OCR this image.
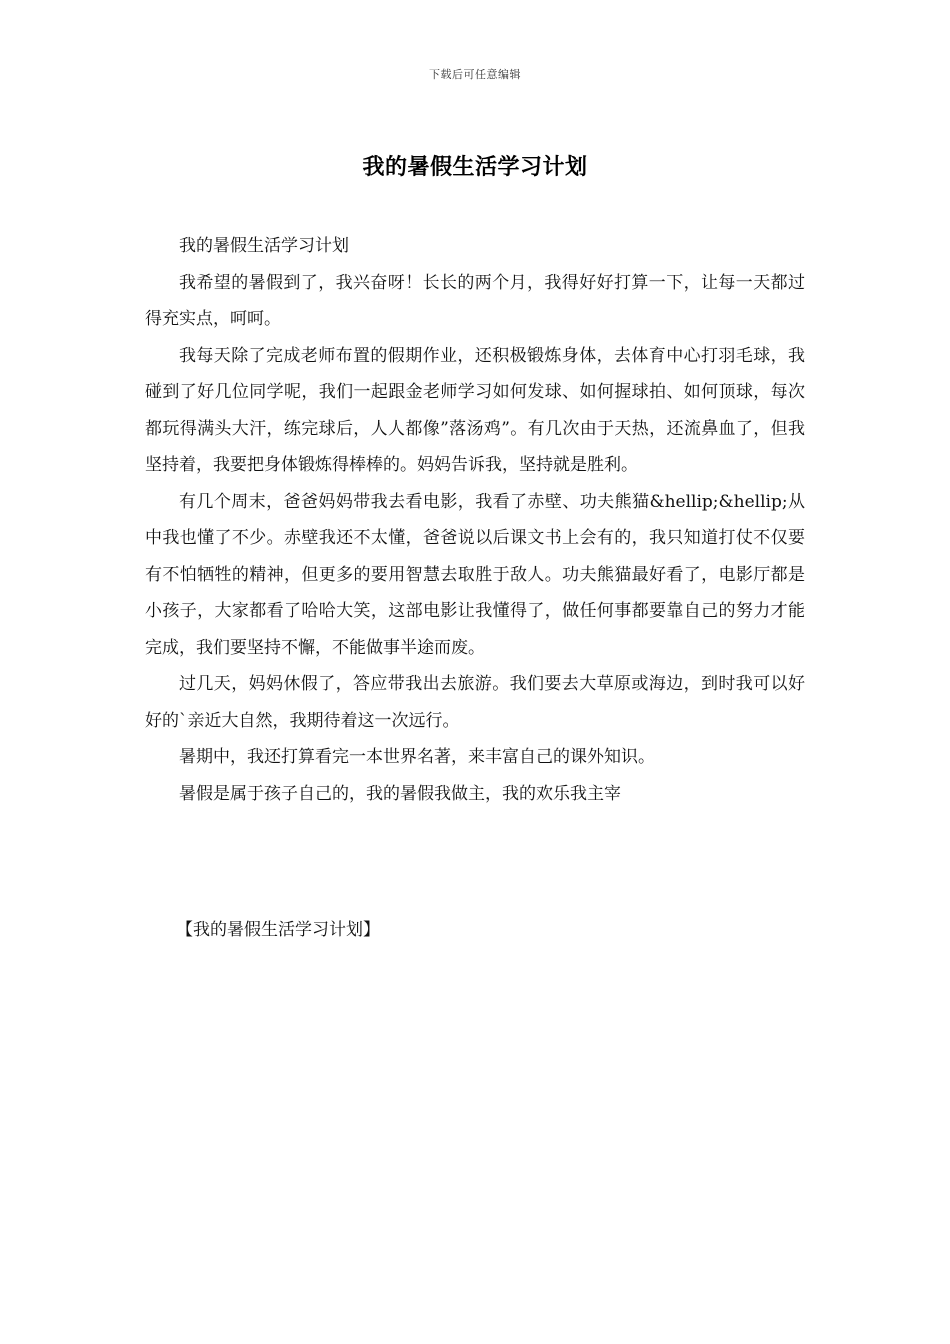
下载后可任意编辑
我的暑假生活学习计划

我的暑假生活学习计划

我希望的暑假到了，我兴奋呀！长长的两个月，我得好好打算一下，让每一天都过得充实点，呵呵。

我每天除了完成老师布置的假期作业，还积极锻炼身体，去体育中心打羽毛球，我碰到了好几位同学呢，我们一起跟金老师学习如何发球、如何握球拍、如何顶球，每次都玩得满头大汗，练完球后，人人都像”落汤鸡”。有几次由于天热，还流鼻血了，但我坚持着，我要把身体锻炼得棒棒的。妈妈告诉我，坚持就是胜利。

有几个周末，爸爸妈妈带我去看电影，我看了赤壁、功夫熊猫&hellip;&hellip;从中我也懂了不少。赤壁我还不太懂，爸爸说以后课文书上会有的，我只知道打仗不仅要有不怕牺牲的精神，但更多的要用智慧去取胜于敌人。功夫熊猫最好看了，电影厅都是小孩子，大家都看了哈哈大笑，这部电影让我懂得了，做任何事都要靠自己的努力才能完成，我们要坚持不懈，不能做事半途而废。

过几天，妈妈休假了，答应带我出去旅游。我们要去大草原或海边，到时我可以好好的`亲近大自然，我期待着这一次远行。

暑期中，我还打算看完一本世界名著，来丰富自己的课外知识。

暑假是属于孩子自己的，我的暑假我做主，我的欢乐我主宰

【我的暑假生活学习计划】
